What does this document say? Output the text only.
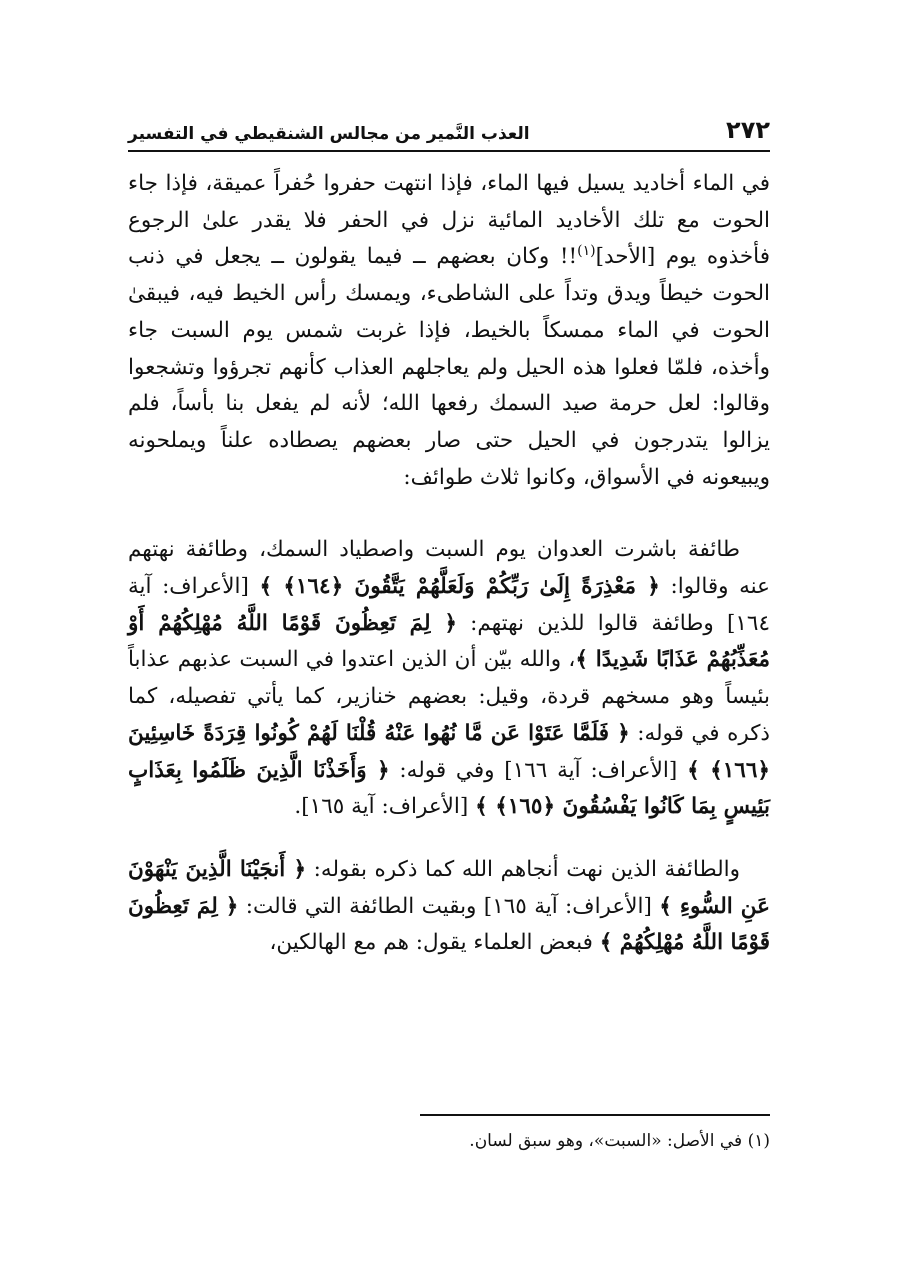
٢٧٢
العذب النَّمير من مجالس الشنقيطي في التفسير

في الماء أخاديد يسيل فيها الماء، فإذا انتهت حفروا حُفراً عميقة، فإذا جاء الحوت مع تلك الأخاديد المائية نزل في الحفر فلا يقدر علىٰ الرجوع فأخذوه يوم [الأحد]$^{(١)}$!! وكان بعضهم ــ فيما يقولون ــ يجعل في ذنب الحوت خيطاً ويدق وتداً على الشاطىء، ويمسك رأس الخيط فيه، فيبقىٰ الحوت في الماء ممسكاً بالخيط، فإذا غربت شمس يوم السبت جاء وأخذه، فلمّا فعلوا هذه الحيل ولم يعاجلهم العذاب كأنهم تجرؤوا وتشجعوا وقالوا: لعل حرمة صيد السمك رفعها الله؛ لأنه لم يفعل بنا بأساً، فلم يزالوا يتدرجون في الحيل حتى صار بعضهم يصطاده علناً ويملحونه ويبيعونه في الأسواق، وكانوا ثلاث طوائف:

طائفة باشرت العدوان يوم السبت واصطياد السمك، وطائفة نهتهم عنه وقالوا: ﴿ مَعْذِرَةً إِلَىٰ رَبِّكُمْ وَلَعَلَّهُمْ يَتَّقُونَ ﴿١٦٤﴾ ﴾ [الأعراف: آية ١٦٤] وطائفة قالوا للذين نهتهم: ﴿ لِمَ تَعِظُونَ قَوْمًا اللَّهُ مُهْلِكُهُمْ أَوْ مُعَذِّبُهُمْ عَذَابًا شَدِيدًا ﴾، والله بيّن أن الذين اعتدوا في السبت عذبهم عذاباً بئيساً وهو مسخهم قردة، وقيل: بعضهم خنازير، كما يأتي تفصيله، كما ذكره في قوله: ﴿ فَلَمَّا عَتَوْا عَن مَّا نُهُوا عَنْهُ قُلْنَا لَهُمْ كُونُوا قِرَدَةً خَاسِئِينَ ﴿١٦٦﴾ ﴾ [الأعراف: آية ١٦٦] وفي قوله: ﴿ وَأَخَذْنَا الَّذِينَ ظَلَمُوا بِعَذَابٍ بَئِيسٍ بِمَا كَانُوا يَفْسُقُونَ ﴿١٦٥﴾ ﴾ [الأعراف: آية ١٦٥].

والطائفة الذين نهت أنجاهم الله كما ذكره بقوله: ﴿ أَنجَيْنَا الَّذِينَ يَنْهَوْنَ عَنِ السُّوءِ ﴾ [الأعراف: آية ١٦٥] وبقيت الطائفة التي قالت: ﴿ لِمَ تَعِظُونَ قَوْمًا اللَّهُ مُهْلِكُهُمْ ﴾ فبعض العلماء يقول: هم مع الهالكين،

(١) في الأصل: «السبت»، وهو سبق لسان.
